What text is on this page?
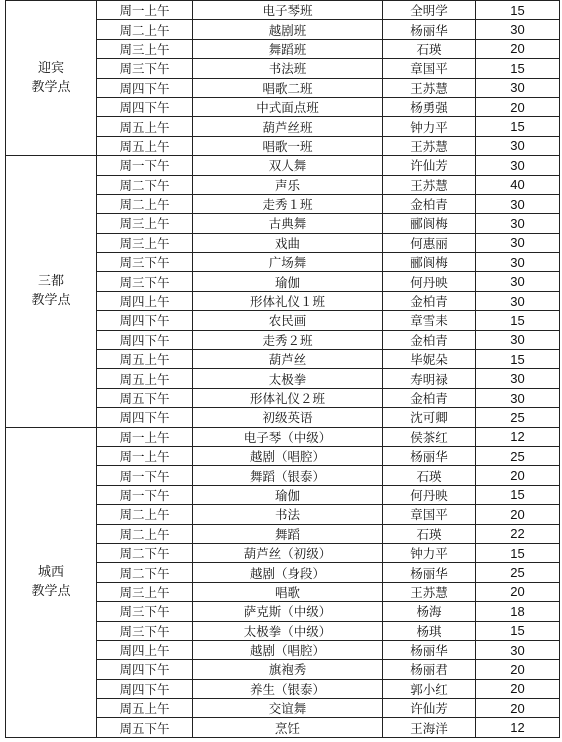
迎宾
教学点	周一上午	电子琴班	全明学	15
	周二上午	越剧班	杨丽华	30
	周三上午	舞蹈班	石瑛	20
	周三下午	书法班	章国平	15
	周四下午	唱歌二班	王苏慧	30
	周四下午	中式面点班	杨勇强	20
	周五上午	葫芦丝班	钟力平	15
	周五上午	唱歌一班	王苏慧	30

三都
教学点	周一下午	双人舞	许仙芳	30
	周二下午	声乐	王苏慧	40
	周二上午	走秀１班	金柏青	30
	周三上午	古典舞	郦阆梅	30
	周三上午	戏曲	何惠丽	30
	周三下午	广场舞	郦阆梅	30
	周三下午	瑜伽	何丹映	30
	周四上午	形体礼仪１班	金柏青	30
	周四下午	农民画	章雪耒	15
	周四下午	走秀２班	金柏青	30
	周五上午	葫芦丝	毕妮朵	15
	周五上午	太极拳	寿明禄	30
	周五下午	形体礼仪２班	金柏青	30
	周四下午	初级英语	沈可卿	25

城西
教学点	周一上午	电子琴（中级）	侯茶红	12
	周一上午	越剧（唱腔）	杨丽华	25
	周一下午	舞蹈（银泰）	石瑛	20
	周一下午	瑜伽	何丹映	15
	周二上午	书法	章国平	20
	周二上午	舞蹈	石瑛	22
	周二下午	葫芦丝（初级）	钟力平	15
	周二下午	越剧（身段）	杨丽华	25
	周三上午	唱歌	王苏慧	20
	周三下午	萨克斯（中级）	杨海	18
	周三下午	太极拳（中级）	杨琪	15
	周四上午	越剧（唱腔）	杨丽华	30
	周四下午	旗袍秀	杨丽君	20
	周四下午	养生（银泰）	郭小红	20
	周五上午	交谊舞	许仙芳	20
	周五下午	烹饪	王海洋	12
